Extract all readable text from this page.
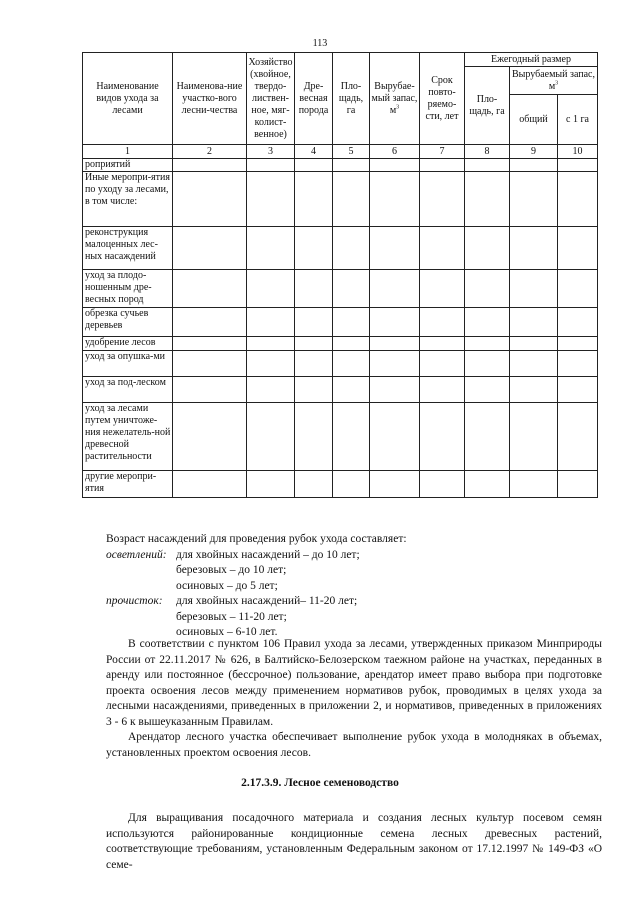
113
Наименование видов ухода за лесами	Наименова-ние участко-вого лесни-чества	Хозяйство (хвойное, твердо-листвен-ное, мяг-колист-венное)	Дре-весная порода	Пло-щадь, га	Вырубае-мый запас, $м^3$	Срок повто-ряемо-сти, лет	Ежегодный размер		
							Пло-щадь, га	Вырубаемый запас, $м^3$
								общий	с 1 га
1	2	3	4	5	6	7	8	9	10
роприятий									
Иные меропри-ятия по уходу за лесами, в том числе:									
реконструкция малоценных лес-ных насаждений									
уход за плодо-ношенным дре-весных пород									
обрезка сучьев деревьев									
удобрение лесов									
уход за опушка-ми									
уход за под-леском									
уход за лесами путем уничтоже-ния нежелатель-ной древесной растительности									
другие меропри-ятия									
Возраст насаждений для проведения рубок ухода составляет:
осветлений: для хвойных насаждений – до 10 лет;
березовых – до 10 лет;
осиновых – до 5 лет;
прочисток: для хвойных насаждений– 11-20 лет;
березовых – 11-20 лет;
осиновых – 6-10 лет.

В соответствии с пунктом 106 Правил ухода за лесами, утвержденных приказом Минприроды России от 22.11.2017 № 626, в Балтийско-Белозерском таежном районе на участках, переданных в аренду или постоянное (бессрочное) пользование, арендатор имеет право выбора при подготовке проекта освоения лесов между применением нормативов рубок, проводимых в целях ухода за лесными насаждениями, приведенных в приложении 2, и нормативов, приведенных в приложениях 3 - 6 к вышеуказанным Правилам.

Арендатор лесного участка обеспечивает выполнение рубок ухода в молодняках в объемах, установленных проектом освоения лесов.

2.17.3.9. Лесное семеноводство

Для выращивания посадочного материала и создания лесных культур посевом семян используются районированные кондиционные семена лесных древесных растений, соответствующие требованиям, установленным Федеральным законом от 17.12.1997 № 149-ФЗ «О семе-
